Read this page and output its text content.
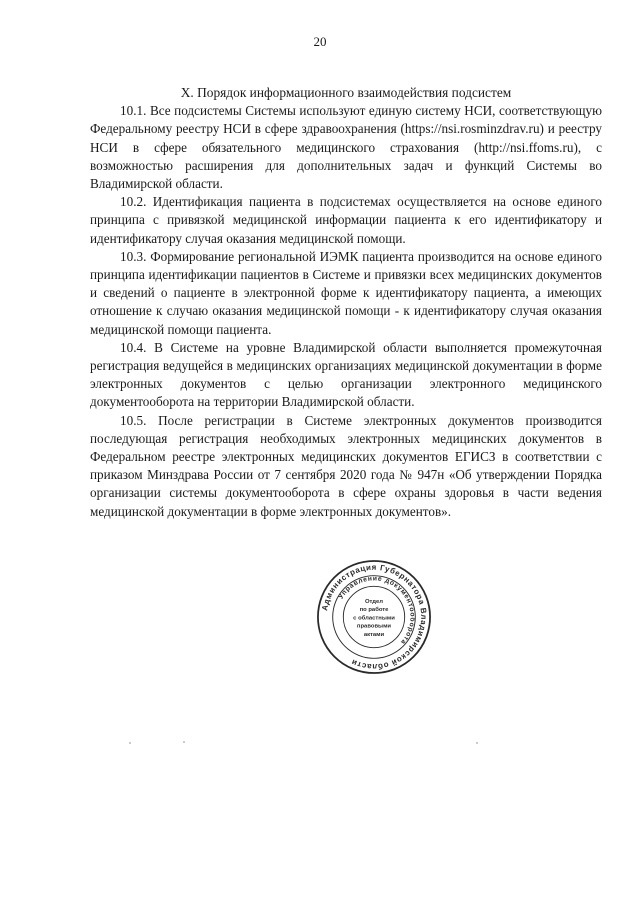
20

X. Порядок информационного взаимодействия подсистем

10.1. Все подсистемы Системы используют единую систему НСИ, соответствующую Федеральному реестру НСИ в сфере здравоохранения (https://nsi.rosminzdrav.ru) и реестру НСИ в сфере обязательного медицинского страхования (http://nsi.ffoms.ru), с возможностью расширения для дополнительных задач и функций Системы во Владимирской области.

10.2. Идентификация пациента в подсистемах осуществляется на основе единого принципа с привязкой медицинской информации пациента к его идентификатору и идентификатору случая оказания медицинской помощи.

10.3. Формирование региональной ИЭМК пациента производится на основе единого принципа идентификации пациентов в Системе и привязки всех медицинских документов и сведений о пациенте в электронной форме к идентификатору пациента, а имеющих отношение к случаю оказания медицинской помощи - к идентификатору случая оказания медицинской помощи пациента.

10.4. В Системе на уровне Владимирской области выполняется промежуточная регистрация ведущейся в медицинских организациях медицинской документации в форме электронных документов с целью организации электронного медицинского документооборота на территории Владимирской области.

10.5. После регистрации в Системе электронных документов производится последующая регистрация необходимых электронных медицинских документов в Федеральном реестре электронных медицинских документов ЕГИСЗ в соответствии с приказом Минздрава России от 7 сентября 2020 года № 947н «Об утверждении Порядка организации системы документооборота в сфере охраны здоровья в части ведения медицинской документации в форме электронных документов».

Администрация Губернатора Владимирской области
Управление документооборота
Отдел
по работе
с областными
правовыми
актами
